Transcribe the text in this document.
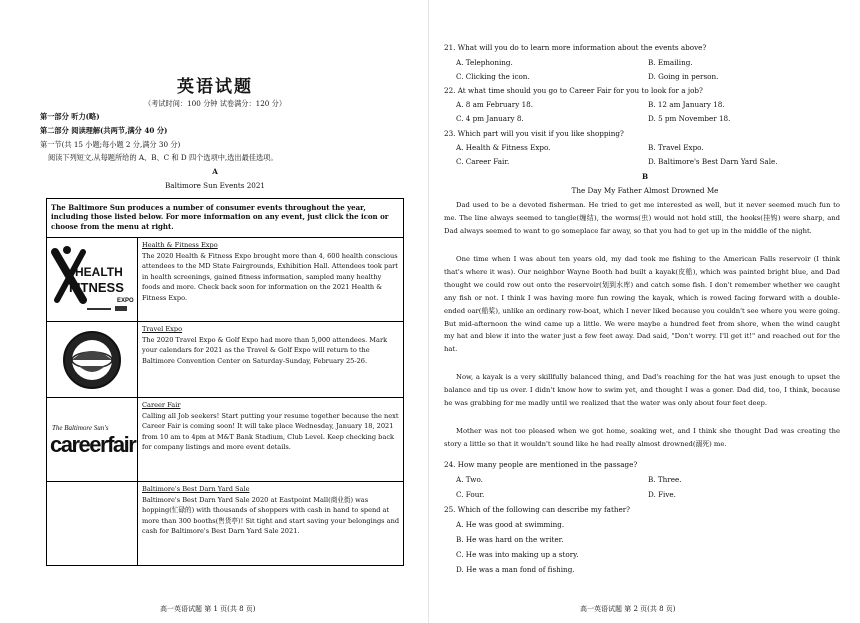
英语试题
（考试时间：100 分钟 试卷满分：120 分）
第一部分 听力(略)
第二部分 阅读理解(共两节,满分 40 分)
第一节(共 15 小题;每小题 2 分,满分 30 分)
阅读下列短文,从每题所给的 A、B、C 和 D 四个选项中,选出最佳选项。
A
Baltimore Sun Events 2021
The Baltimore Sun produces a number of consumer events throughout the year, including those listed below. For more information on any event, just click the icon or choose from the menu at right.
HEALTH
FITNESS
EXPO
Health & Fitness Expo
The 2020 Health & Fitness Expo brought more than 4, 600 health conscious attendees to the MD State Fairgrounds, Exhibition Hall. Attendees took part in health screenings, gained fitness information, sampled many healthy foods and more. Check back soon for information on the 2021 Health & Fitness Expo.
Travel Expo
The 2020 Travel Expo & Golf Expo had more than 5,000 attendees. Mark your calendars for 2021 as the Travel & Golf Expo will return to the Baltimore Convention Center on Saturday-Sunday, February 25-26.
The Baltimore Sun's
careerfair
Career Fair
Calling all Job seekers! Start putting your resume together because the next Career Fair is coming soon! It will take place Wednesday, January 18, 2021 from 10 am to 4pm at M&T Bank Stadium, Club Level. Keep checking back for company listings and more event details.
Baltimore's Best Darn Yard Sale
Baltimore's Best Darn Yard Sale 2020 at Eastpoint Mall(商业街) was hopping(忙碌的) with thousands of shoppers with cash in hand to spend at more than 300 booths(售货亭)! Sit tight and start saving your belongings and cash for Baltimore's Best Darn Yard Sale 2021.
高一英语试题 第 1 页(共 8 页)
21. What will you do to learn more information about the events above?
A. Telephoning.	B. Emailing.
C. Clicking the icon.	D. Going in person.
22. At what time should you go to Career Fair for you to look for a job?
A. 8 am February 18.	B. 12 am January 18.
C. 4 pm January 8.	D. 5 pm November 18.
23. Which part will you visit if you like shopping?
A. Health & Fitness Expo.	B. Travel Expo.
C. Career Fair.	D. Baltimore's Best Darn Yard Sale.
B
The Day My Father Almost Drowned Me
Dad used to be a devoted fisherman. He tried to get me interested as well, but it never seemed much fun to me. The line always seemed to tangle(缠结), the worms(虫) would not hold still, the hooks(挂钩) were sharp, and Dad always seemed to want to go someplace far away, so that you had to get up in the middle of the night.
One time when I was about ten years old, my dad took me fishing to the American Falls reservoir (I think that's where it was). Our neighbor Wayne Booth had built a kayak(皮船), which was painted bright blue, and Dad thought we could row out onto the reservoir(划到水库) and catch some fish. I don't remember whether we caught any fish or not. I think I was having more fun rowing the kayak, which is rowed facing forward with a double-ended oar(船桨), unlike an ordinary row-boat, which I never liked because you couldn't see where you were going. But mid-afternoon the wind came up a little. We were maybe a hundred feet from shore, when the wind caught my hat and blew it into the water just a few feet away. Dad said, "Don't worry. I'll get it!" and reached out for the hat.
Now, a kayak is a very skillfully balanced thing, and Dad's reaching for the hat was just enough to upset the balance and tip us over. I didn't know how to swim yet, and thought I was a goner. Dad did, too, I think, because he was grabbing for me madly until we realized that the water was only about four feet deep.
Mother was not too pleased when we got home, soaking wet, and I think she thought Dad was creating the story a little so that it wouldn't sound like he had really almost drowned(溺死) me.
24. How many people are mentioned in the passage?
A. Two.	B. Three.
C. Four.	D. Five.
25. Which of the following can describe my father?
A. He was good at swimming.
B. He was hard on the writer.
C. He was into making up a story.
D. He was a man fond of fishing.
高一英语试题 第 2 页(共 8 页)
